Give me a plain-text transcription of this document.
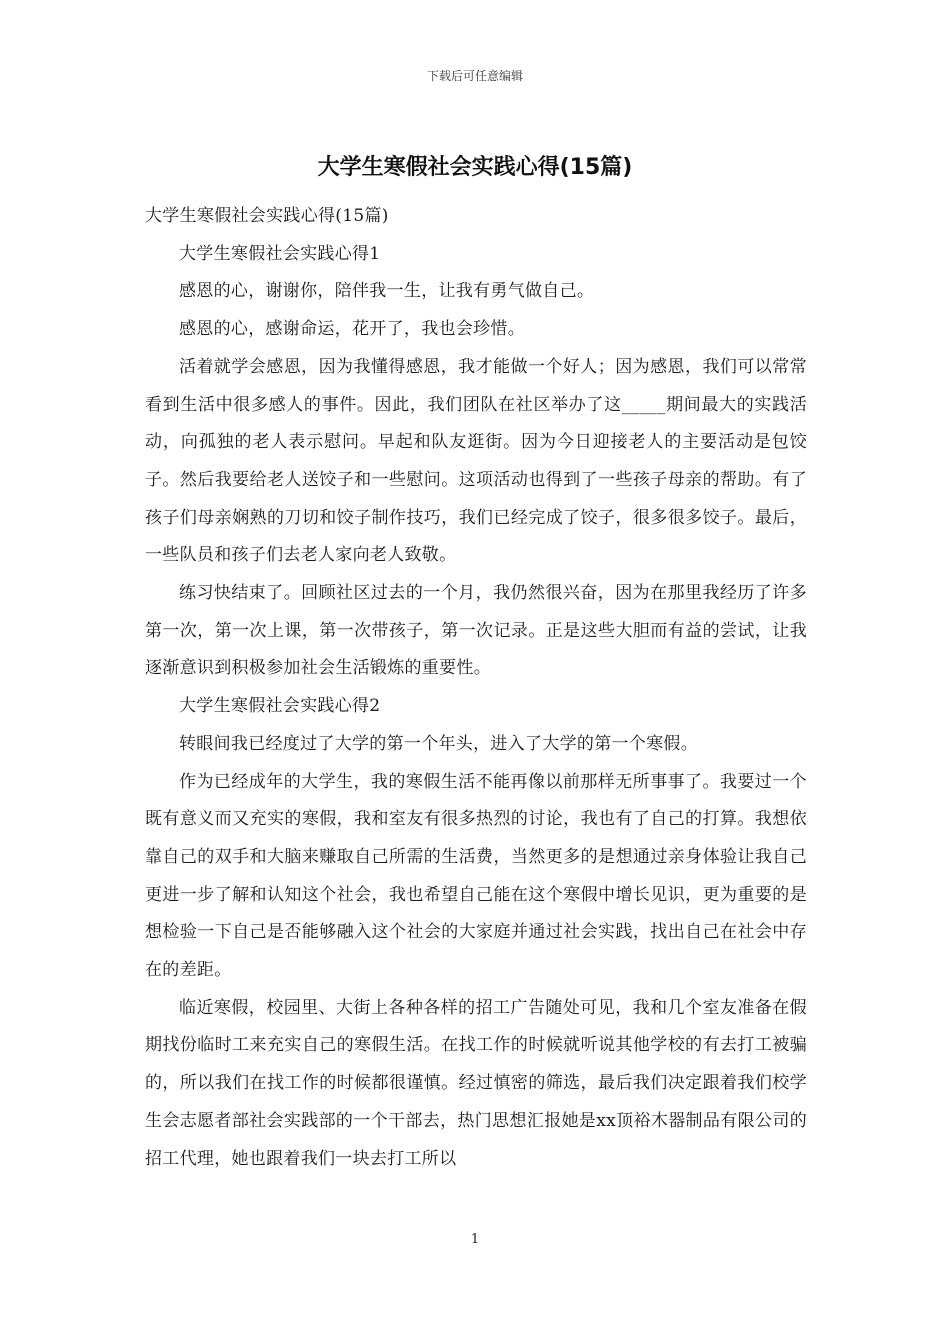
下载后可任意编辑
大学生寒假社会实践心得(15篇)

大学生寒假社会实践心得(15篇)

大学生寒假社会实践心得1

感恩的心，谢谢你，陪伴我一生，让我有勇气做自己。

感恩的心，感谢命运，花开了，我也会珍惜。

活着就学会感恩，因为我懂得感恩，我才能做一个好人；因为感恩，我们可以常常看到生活中很多感人的事件。因此，我们团队在社区举办了这_____期间最大的实践活动，向孤独的老人表示慰问。早起和队友逛街。因为今日迎接老人的主要活动是包饺子。然后我要给老人送饺子和一些慰问。这项活动也得到了一些孩子母亲的帮助。有了孩子们母亲娴熟的刀切和饺子制作技巧，我们已经完成了饺子，很多很多饺子。最后，一些队员和孩子们去老人家向老人致敬。

练习快结束了。回顾社区过去的一个月，我仍然很兴奋，因为在那里我经历了许多第一次，第一次上课，第一次带孩子，第一次记录。正是这些大胆而有益的尝试，让我逐渐意识到积极参加社会生活锻炼的重要性。

大学生寒假社会实践心得2

转眼间我已经度过了大学的第一个年头，进入了大学的第一个寒假。

作为已经成年的大学生，我的寒假生活不能再像以前那样无所事事了。我要过一个既有意义而又充实的寒假，我和室友有很多热烈的讨论，我也有了自己的打算。我想依靠自己的双手和大脑来赚取自己所需的生活费，当然更多的是想通过亲身体验让我自己更进一步了解和认知这个社会，我也希望自己能在这个寒假中增长见识，更为重要的是想检验一下自己是否能够融入这个社会的大家庭并通过社会实践，找出自己在社会中存在的差距。

临近寒假，校园里、大街上各种各样的招工广告随处可见，我和几个室友准备在假期找份临时工来充实自己的寒假生活。在找工作的时候就听说其他学校的有去打工被骗的，所以我们在找工作的时候都很谨慎。经过慎密的筛选，最后我们决定跟着我们校学生会志愿者部社会实践部的一个干部去，热门思想汇报她是xx顶裕木器制品有限公司的招工代理，她也跟着我们一块去打工所以

1
